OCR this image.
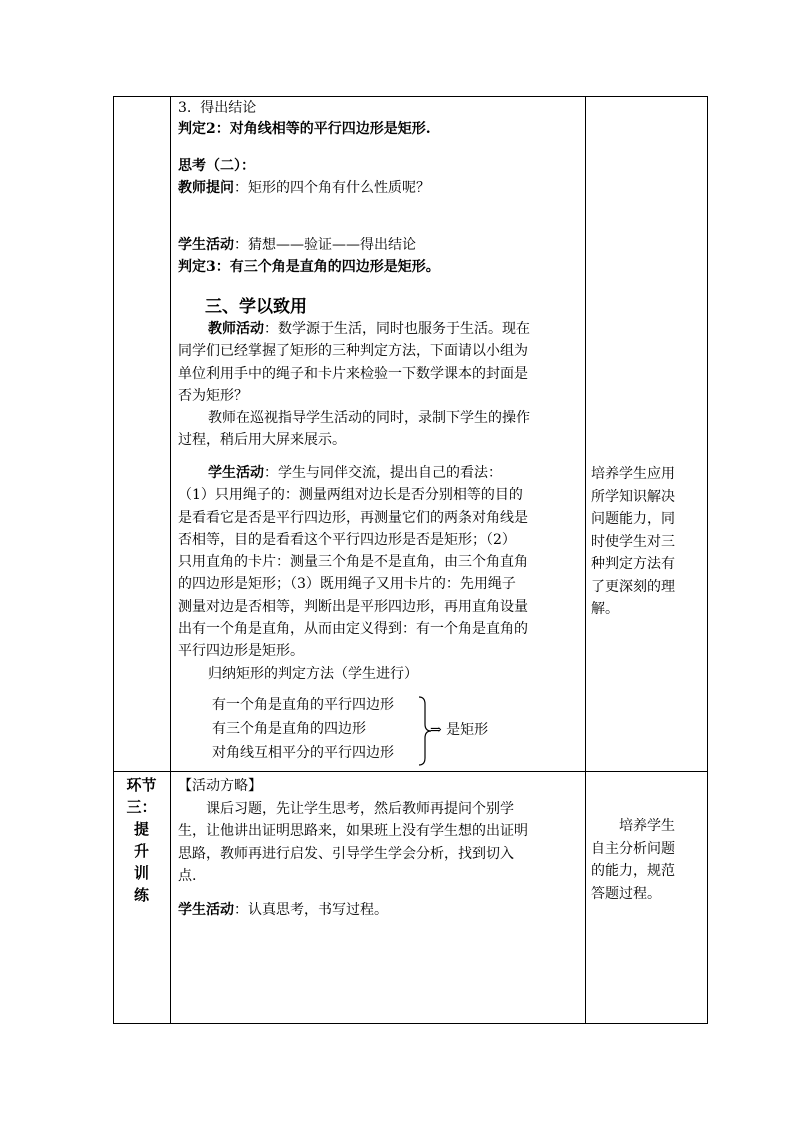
3.  得出结论
判定2：对角线相等的平行四边形是矩形.
思考（二）：
教师提问：矩形的四个角有什么性质呢？
学生活动：猜想——验证——得出结论
判定3：有三个角是直角的四边形是矩形。
三、学以致用
教师活动：数学源于生活，同时也服务于生活。现在
同学们已经掌握了矩形的三种判定方法，下面请以小组为
单位利用手中的绳子和卡片来检验一下数学课本的封面是
否为矩形？
教师在巡视指导学生活动的同时，录制下学生的操作
过程，稍后用大屏来展示。
学生活动：学生与同伴交流，提出自己的看法：
（1）只用绳子的：测量两组对边长是否分别相等的目的
是看看它是否是平行四边形，再测量它们的两条对角线是
否相等，目的是看看这个平行四边形是否是矩形；（2）
只用直角的卡片：测量三个角是不是直角，由三个角直角
的四边形是矩形；（3）既用绳子又用卡片的：先用绳子
测量对边是否相等，判断出是平形四边形，再用直角设量
出有一个角是直角，从而由定义得到：有一个角是直角的
平行四边形是矩形。
归纳矩形的判定方法（学生进行）
有一个角是直角的平行四边形
有三个角是直角的四边形
对角线互相平分的平行四边形
⇒ 是矩形
培养学生应用
所学知识解决
问题能力，同
时使学生对三
种判定方法有
了更深刻的理
解。
环节
三：
提
升
训
练
【活动方略】
课后习题，先让学生思考，然后教师再提问个别学
生，让他讲出证明思路来，如果班上没有学生想的出证明
思路，教师再进行启发、引导学生学会分析，找到切入
点.
学生活动：认真思考，书写过程。
培养学生
自主分析问题
的能力，规范
答题过程。
